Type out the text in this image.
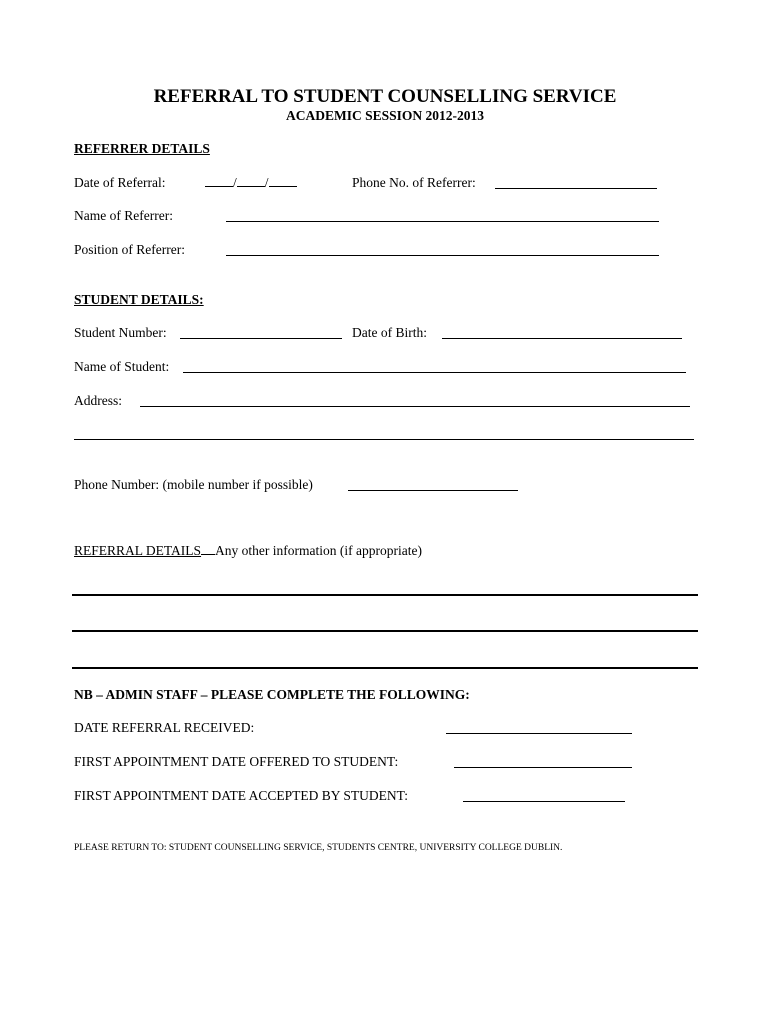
REFERRAL TO STUDENT COUNSELLING SERVICE
ACADEMIC SESSION 2012-2013
REFERRER DETAILS
Date of Referral:	/ /	Phone No. of Referrer:
Name of Referrer:
Position of Referrer:
STUDENT DETAILS:
Student Number:	Date of Birth:
Name of Student:
Address:
Phone Number: (mobile number if possible)
REFERRAL DETAILS Any other information (if appropriate)
NB – ADMIN STAFF – PLEASE COMPLETE THE FOLLOWING:
DATE REFERRAL RECEIVED:
FIRST APPOINTMENT DATE OFFERED TO STUDENT:
FIRST APPOINTMENT DATE ACCEPTED BY STUDENT:
PLEASE RETURN TO: STUDENT COUNSELLING SERVICE, STUDENTS CENTRE, UNIVERSITY COLLEGE DUBLIN.
